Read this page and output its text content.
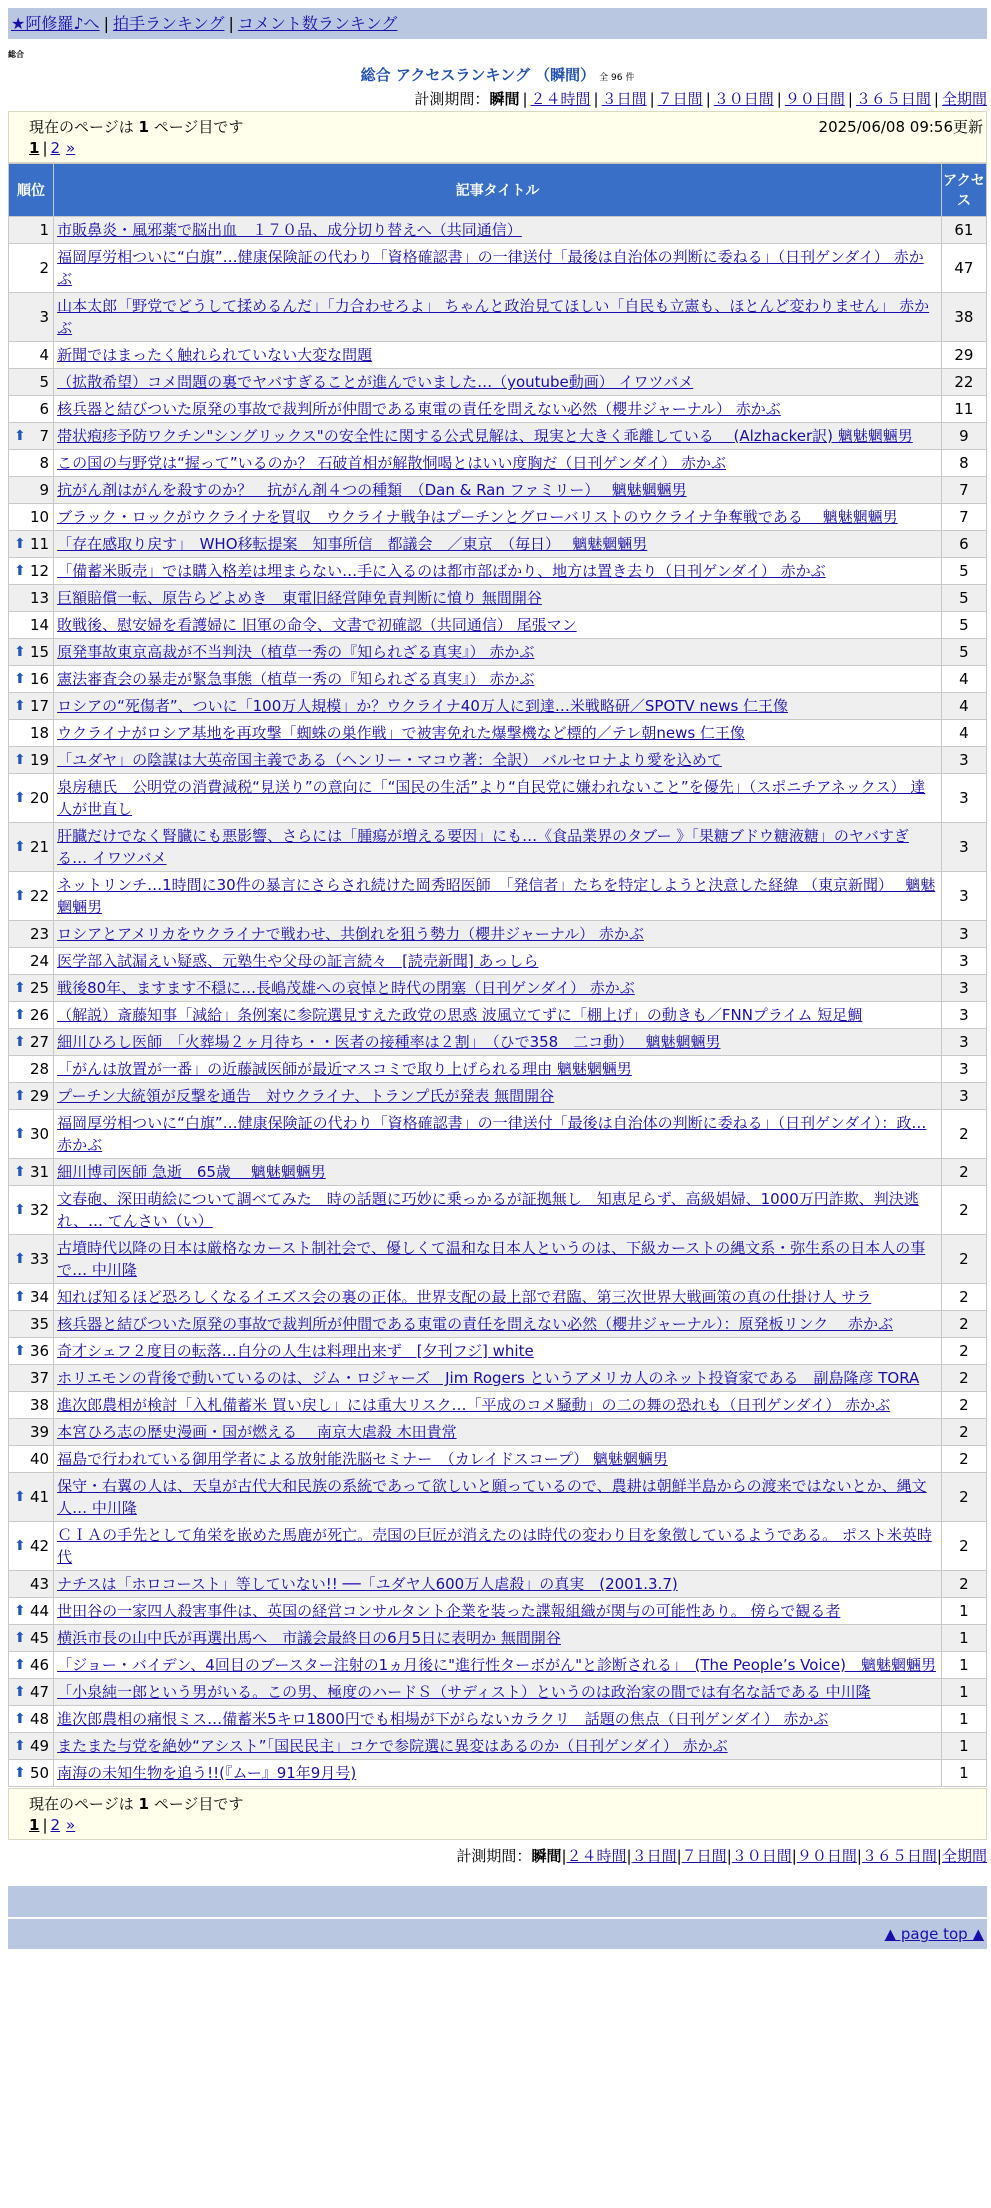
★阿修羅♪へ | 拍手ランキング | コメント数ランキング
総合
総合 アクセスランキング （瞬間） 全 96 件
計測期間：瞬間 | ２４時間 | ３日間 | ７日間 | ３０日間 | ９０日間 | ３６５日間 | 全期間
現在のページは 1 ページ目です	2025/06/08 09:56更新
1 | 2 »
順位	記事タイトル	アクセス
1	市販鼻炎・風邪薬で脳出血　１７０品、成分切り替えへ（共同通信）	61
2	福岡厚労相ついに“白旗”…健康保険証の代わり「資格確認書」の一律送付「最後は自治体の判断に委ねる」（日刊ゲンダイ） 赤かぶ	47
3	山本太郎「野党でどうして揉めるんだ」「力合わせろよ」 ちゃんと政治見てほしい「自民も立憲も、ほとんど変わりません」 赤かぶ	38
4	新聞ではまったく触れられていない大変な問題	29
5	（拡散希望）コメ問題の裏でヤバすぎることが進んでいました…（youtube動画） イワツバメ	22
6	核兵器と結びついた原発の事故で裁判所が仲間である東電の責任を問えない必然（櫻井ジャーナル） 赤かぶ	11

⬆ 7	帯状疱疹予防ワクチン"シングリックス"の安全性に関する公式見解は、現実と大きく乖離している　 (Alzhacker訳) 魑魅魍魎男	9
8	この国の与野党は“握って”いるのか？ 石破首相が解散恫喝とはいい度胸だ（日刊ゲンダイ） 赤かぶ	8
9	抗がん剤はがんを殺すのか？　抗がん剤４つの種類　（Dan & Ran ファミリー）　 魑魅魍魎男	7
10	ブラック・ロックがウクライナを買収　ウクライナ戦争はプーチンとグローバリストのウクライナ争奪戦である　 魑魅魍魎男	7

⬆ 11	「存在感取り戻す」　WHO移転提案　知事所信　都議会　／東京　（毎日）　 魑魅魍魎男	6

⬆ 12	「備蓄米販売」では購入格差は埋まらない…手に入るのは都市部ばかり、地方は置き去り（日刊ゲンダイ） 赤かぶ	5
13	巨額賠償一転、原告らどよめき　東電旧経営陣免責判断に憤り 無間開谷	5
14	敗戦後、慰安婦を看護婦に 旧軍の命令、文書で初確認（共同通信） 尾張マン	5

⬆ 15	原発事故東京高裁が不当判決（植草一秀の『知られざる真実』） 赤かぶ	5

⬆ 16	憲法審査会の暴走が緊急事態（植草一秀の『知られざる真実』） 赤かぶ	4

⬆ 17	ロシアの“死傷者”、ついに「100万人規模」か？ウクライナ40万人に到達…米戦略研／SPOTV news 仁王像	4
18	ウクライナがロシア基地を再攻撃「蜘蛛の巣作戦」で被害免れた爆撃機など標的／テレ朝news 仁王像	4

⬆ 19	「ユダヤ」の陰謀は大英帝国主義である（ヘンリー・マコウ著：全訳） バルセロナより愛を込めて	3

⬆ 20	泉房穂氏　公明党の消費減税“見送り”の意向に「“国民の生活”より“自民党に嫌われないこと”を優先」（スポニチアネックス） 達人が世直し	3

⬆ 21	肝臓だけでなく腎臓にも悪影響、さらには「腫瘍が増える要因」にも…《食品業界のタブー 》「果糖ブドウ糖液糖」のヤバすぎる… イワツバメ	3

⬆ 22	ネットリンチ…1時間に30件の暴言にさらされ続けた岡秀昭医師　「発信者」たちを特定しようと決意した経緯 （東京新聞）　 魑魅魍魎男	3
23	ロシアとアメリカをウクライナで戦わせ、共倒れを狙う勢力（櫻井ジャーナル） 赤かぶ	3
24	医学部入試漏えい疑惑、元塾生や父母の証言続々　[読売新聞] あっしら	3

⬆ 25	戦後80年、ますます不穏に…長嶋茂雄への哀悼と時代の閉塞（日刊ゲンダイ） 赤かぶ	3

⬆ 26	（解説）斎藤知事「減給」条例案に参院選見すえた政党の思惑 波風立てずに「棚上げ」の動きも／FNNプライム 短足鯛	3

⬆ 27	細川ひろし医師　「火葬場２ヶ月待ち・・医者の接種率は２割」　（ひで358　二コ動）　 魑魅魍魎男	3
28	「がんは放置が一番」の近藤誠医師が最近マスコミで取り上げられる理由 魑魅魍魎男	3

⬆ 29	プーチン大統領が反撃を通告　対ウクライナ、トランプ氏が発表 無間開谷	3

⬆ 30	福岡厚労相ついに“白旗”…健康保険証の代わり「資格確認書」の一律送付「最後は自治体の判断に委ねる」（日刊ゲンダイ）：政… 赤かぶ	2

⬆ 31	細川博司医師 急逝　65歳　 魑魅魍魎男	2

⬆ 32	文春砲、深田萌絵について調べてみた　時の話題に巧妙に乗っかるが証拠無し　知恵足らず、高級娼婦、1000万円詐欺、判決逃れ、… てんさい（い）	2

⬆ 33	古墳時代以降の日本は厳格なカースト制社会で、優しくて温和な日本人というのは、下級カーストの縄文系・弥生系の日本人の事で… 中川隆	2

⬆ 34	知れば知るほど恐ろしくなるイエズス会の裏の正体。世界支配の最上部で君臨、第三次世界大戦画策の真の仕掛け人 サラ	2
35	核兵器と結びついた原発の事故で裁判所が仲間である東電の責任を問えない必然（櫻井ジャーナル）：原発板リンク　 赤かぶ	2

⬆ 36	奇才シェフ２度目の転落…自分の人生は料理出来ず　[夕刊フジ] white	2
37	ホリエモンの背後で動いているのは、ジム・ロジャーズ　Jim Rogers というアメリカ人のネット投資家である　副島隆彦 TORA	2
38	進次郎農相が検討「入札備蓄米 買い戻し」には重大リスク…「平成のコメ騒動」の二の舞の恐れも（日刊ゲンダイ） 赤かぶ	2
39	本宮ひろ志の歴史漫画・国が燃える　 南京大虐殺 木田貴常	2
40	福島で行われている御用学者による放射能洗脳セミナー　（カレイドスコープ） 魑魅魍魎男	2

⬆ 41	保守・右翼の人は、天皇が古代大和民族の系統であって欲しいと願っているので、農耕は朝鮮半島からの渡来ではないとか、縄文人… 中川隆	2

⬆ 42	ＣＩＡの手先として角栄を嵌めた馬鹿が死亡。売国の巨匠が消えたのは時代の変わり目を象徴しているようである。 ポスト米英時代	2
43	ナチスは「ホロコースト」等していない!! ──「ユダヤ人600万人虐殺」の真実　(2001.3.7)	2

⬆ 44	世田谷の一家四人殺害事件は、英国の経営コンサルタント企業を装った諜報組織が関与の可能性あり。 傍らで観る者	1

⬆ 45	横浜市長の山中氏が再選出馬へ　市議会最終日の6月5日に表明か 無間開谷	1

⬆ 46	「ジョー・バイデン、4回目のブースター注射の1ヵ月後に"進行性ターボがん"と診断される」　(The People’s Voice)　魑魅魍魎男	1

⬆ 47	「小泉純一郎という男がいる。この男、極度のハードＳ（サディスト）というのは政治家の間では有名な話である 中川隆	1

⬆ 48	進次郎農相の痛恨ミス…備蓄米5キロ1800円でも相場が下がらないカラクリ　話題の焦点（日刊ゲンダイ） 赤かぶ	1

⬆ 49	またまた与党を絶妙“アシスト”「国民民主」コケで参院選に異変はあるのか（日刊ゲンダイ） 赤かぶ	1

⬆ 50	南海の未知生物を追う!!(『ムー』91年9月号)	1
現在のページは 1 ページ目です
1 | 2 »
計測期間：瞬間|２４時間|３日間|７日間|３０日間|９０日間|３６５日間|全期間
▲ page top ▲
